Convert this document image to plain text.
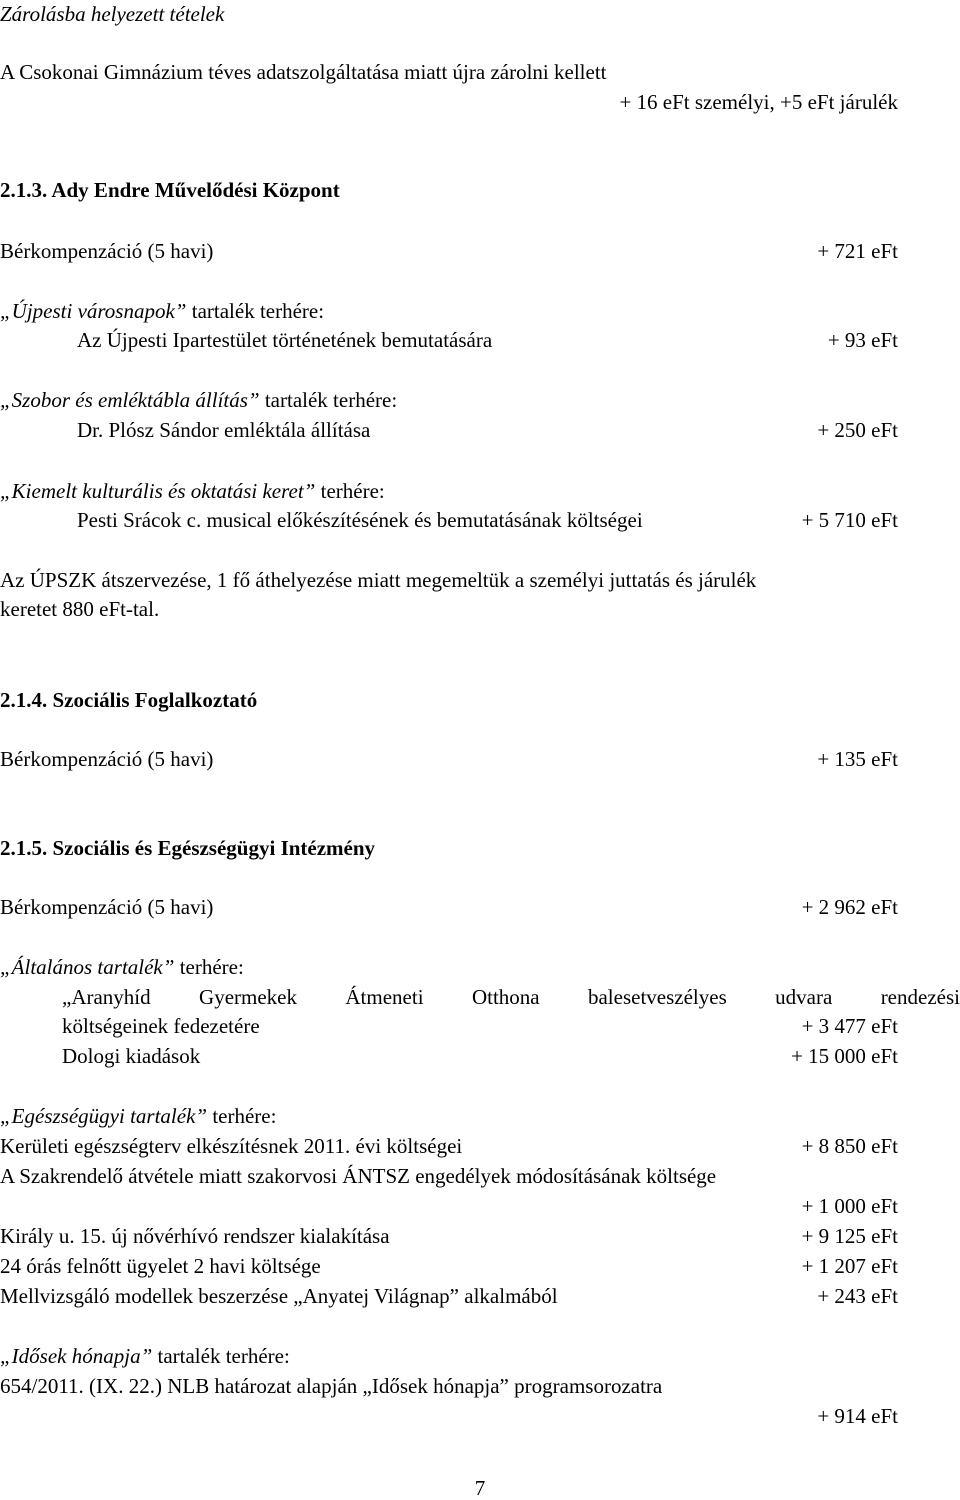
Zárolásba helyezett tételek
A Csokonai Gimnázium téves adatszolgáltatása miatt újra zárolni kellett
+ 16 eFt személyi, +5 eFt járulék
2.1.3. Ady Endre Művelődési Központ
Bérkompenzáció (5 havi)	+ 721 eFt
„Újpesti városnapok” tartalék terhére:
Az Újpesti Ipartestület történetének bemutatására	+ 93 eFt
„Szobor és emléktábla állítás” tartalék terhére:
Dr. Plósz Sándor emléktála állítása	+ 250 eFt
„Kiemelt kulturális és oktatási keret” terhére:
Pesti Srácok c. musical előkészítésének és bemutatásának költségei	+ 5 710 eFt
Az ÚPSZK átszervezése, 1 fő áthelyezése miatt megemeltük a személyi juttatás és járulék
keretet 880 eFt-tal.
2.1.4. Szociális Foglalkoztató
Bérkompenzáció (5 havi)	+ 135 eFt
2.1.5. Szociális és Egészségügyi Intézmény
Bérkompenzáció (5 havi)	+ 2 962 eFt
„Általános tartalék” terhére:
„Aranyhíd Gyermekek Átmeneti Otthona balesetveszélyes udvara rendezési
költségeinek fedezetére	+ 3 477 eFt
Dologi kiadások	+ 15 000 eFt
„Egészségügyi tartalék” terhére:
Kerületi egészségterv elkészítésnek 2011. évi költségei	+ 8 850 eFt
A Szakrendelő átvétele miatt szakorvosi ÁNTSZ engedélyek módosításának költsége
+ 1 000 eFt
Király u. 15. új nővérhívó rendszer kialakítása	+ 9 125 eFt
24 órás felnőtt ügyelet 2 havi költsége	+ 1 207 eFt
Mellvizsgáló modellek beszerzése „Anyatej Világnap” alkalmából	+ 243 eFt
„Idősek hónapja” tartalék terhére:
654/2011. (IX. 22.) NLB határozat alapján „Idősek hónapja” programsorozatra
+ 914 eFt
7
